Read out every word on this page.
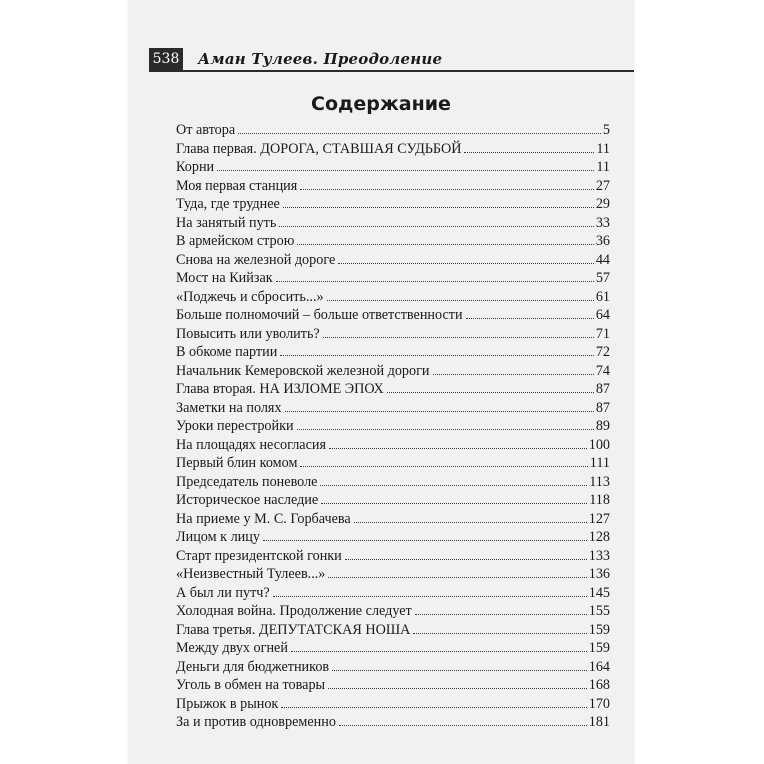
538 Аман Тулеев. Преодоление
Содержание
От автора	5
Глава первая. ДОРОГА, СТАВШАЯ СУДЬБОЙ	11
Корни	11
Моя первая станция	27
Туда, где труднее	29
На занятый путь	33
В армейском строю	36
Снова на железной дороге	44
Мост на Кийзак	57
«Поджечь и сбросить...»	61
Больше полномочий – больше ответственности	64
Повысить или уволить?	71
В обкоме партии	72
Начальник Кемеровской железной дороги	74
Глава вторая. НА ИЗЛОМЕ ЭПОХ	87
Заметки на полях	87
Уроки перестройки	89
На площадях несогласия	100
Первый блин комом	111
Председатель поневоле	113
Историческое наследие	118
На приеме у М. С. Горбачева	127
Лицом к лицу	128
Старт президентской гонки	133
«Неизвестный Тулеев...»	136
А был ли путч?	145
Холодная война. Продолжение следует	155
Глава третья. ДЕПУТАТСКАЯ НОША	159
Между двух огней	159
Деньги для бюджетников	164
Уголь в обмен на товары	168
Прыжок в рынок	170
За и против одновременно	181
